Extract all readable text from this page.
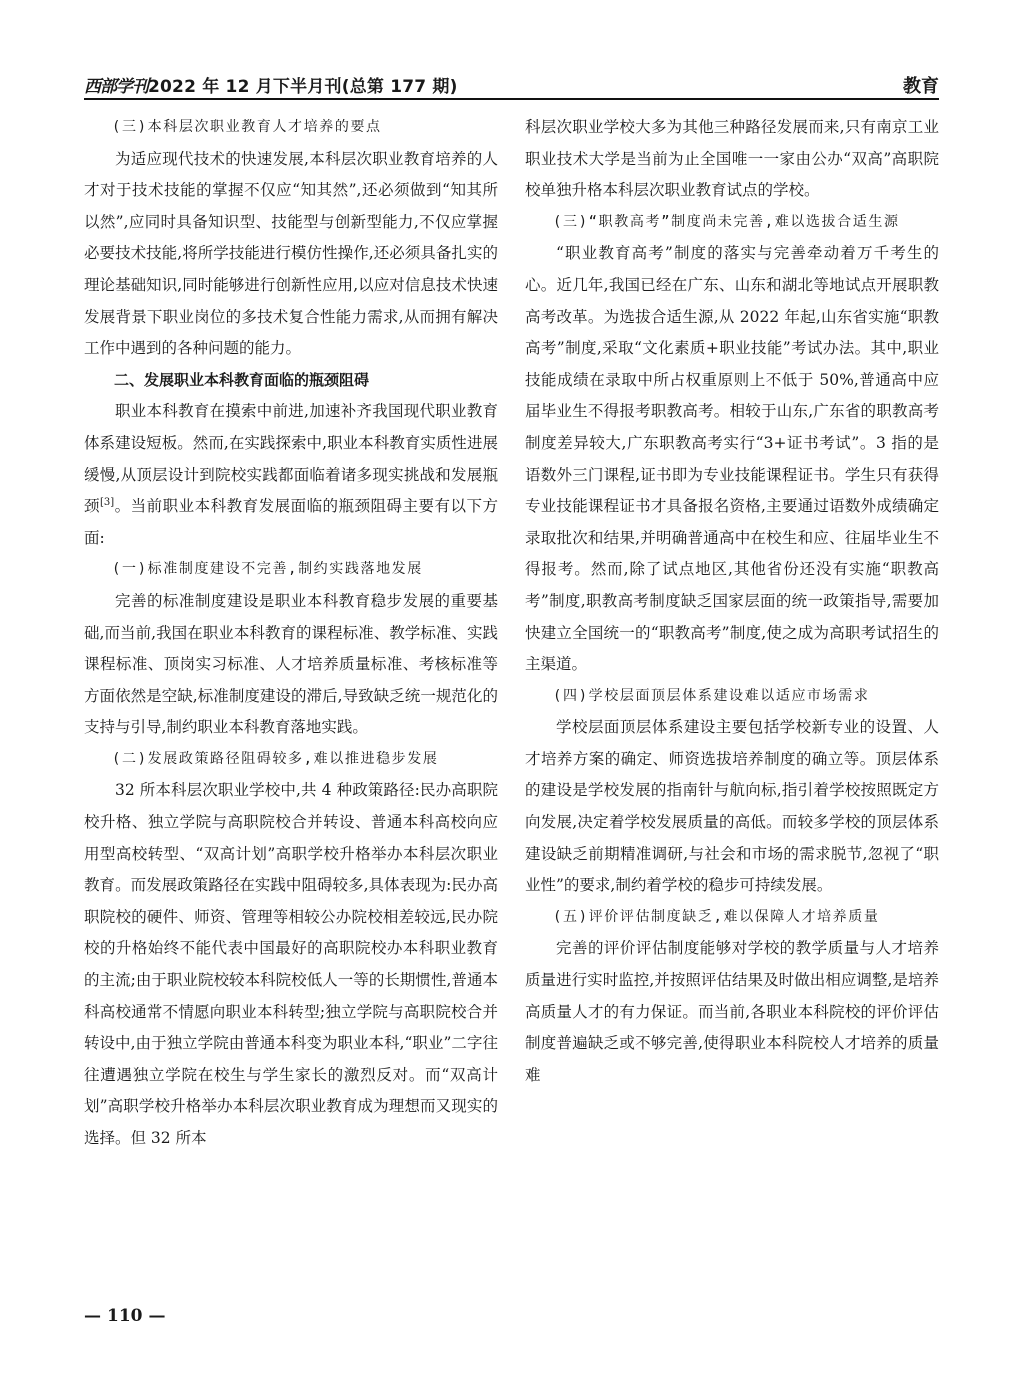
西部学刊2022 年 12 月下半月刊(总第 177 期)	教育

(三)本科层次职业教育人才培养的要点

为适应现代技术的快速发展,本科层次职业教育培养的人才对于技术技能的掌握不仅应“知其然”,还必须做到“知其所以然”,应同时具备知识型、技能型与创新型能力,不仅应掌握必要技术技能,将所学技能进行模仿性操作,还必须具备扎实的理论基础知识,同时能够进行创新性应用,以应对信息技术快速发展背景下职业岗位的多技术复合性能力需求,从而拥有解决工作中遇到的各种问题的能力。

二、发展职业本科教育面临的瓶颈阻碍

职业本科教育在摸索中前进,加速补齐我国现代职业教育体系建设短板。然而,在实践探索中,职业本科教育实质性进展缓慢,从顶层设计到院校实践都面临着诸多现实挑战和发展瓶颈[3]。当前职业本科教育发展面临的瓶颈阻碍主要有以下方面:

(一)标准制度建设不完善,制约实践落地发展

完善的标准制度建设是职业本科教育稳步发展的重要基础,而当前,我国在职业本科教育的课程标准、教学标准、实践课程标准、顶岗实习标准、人才培养质量标准、考核标准等方面依然是空缺,标准制度建设的滞后,导致缺乏统一规范化的支持与引导,制约职业本科教育落地实践。

(二)发展政策路径阻碍较多,难以推进稳步发展

32 所本科层次职业学校中,共 4 种政策路径:民办高职院校升格、独立学院与高职院校合并转设、普通本科高校向应用型高校转型、“双高计划”高职学校升格举办本科层次职业教育。而发展政策路径在实践中阻碍较多,具体表现为:民办高职院校的硬件、师资、管理等相较公办院校相差较远,民办院校的升格始终不能代表中国最好的高职院校办本科职业教育的主流;由于职业院校较本科院校低人一等的长期惯性,普通本科高校通常不情愿向职业本科转型;独立学院与高职院校合并转设中,由于独立学院由普通本科变为职业本科,“职业”二字往往遭遇独立学院在校生与学生家长的激烈反对。而“双高计划”高职学校升格举办本科层次职业教育成为理想而又现实的选择。但 32 所本

科层次职业学校大多为其他三种路径发展而来,只有南京工业职业技术大学是当前为止全国唯一一家由公办“双高”高职院校单独升格本科层次职业教育试点的学校。

(三)“职教高考”制度尚未完善,难以选拔合适生源

“职业教育高考”制度的落实与完善牵动着万千考生的心。近几年,我国已经在广东、山东和湖北等地试点开展职教高考改革。为选拔合适生源,从 2022 年起,山东省实施“职教高考”制度,采取“文化素质+职业技能”考试办法。其中,职业技能成绩在录取中所占权重原则上不低于 50%,普通高中应届毕业生不得报考职教高考。相较于山东,广东省的职教高考制度差异较大,广东职教高考实行“3+证书考试”。3 指的是语数外三门课程,证书即为专业技能课程证书。学生只有获得专业技能课程证书才具备报名资格,主要通过语数外成绩确定录取批次和结果,并明确普通高中在校生和应、往届毕业生不得报考。然而,除了试点地区,其他省份还没有实施“职教高考”制度,职教高考制度缺乏国家层面的统一政策指导,需要加快建立全国统一的“职教高考”制度,使之成为高职考试招生的主渠道。

(四)学校层面顶层体系建设难以适应市场需求

学校层面顶层体系建设主要包括学校新专业的设置、人才培养方案的确定、师资选拔培养制度的确立等。顶层体系的建设是学校发展的指南针与航向标,指引着学校按照既定方向发展,决定着学校发展质量的高低。而较多学校的顶层体系建设缺乏前期精准调研,与社会和市场的需求脱节,忽视了“职业性”的要求,制约着学校的稳步可持续发展。

(五)评价评估制度缺乏,难以保障人才培养质量

完善的评价评估制度能够对学校的教学质量与人才培养质量进行实时监控,并按照评估结果及时做出相应调整,是培养高质量人才的有力保证。而当前,各职业本科院校的评价评估制度普遍缺乏或不够完善,使得职业本科院校人才培养的质量难

— 110 —
